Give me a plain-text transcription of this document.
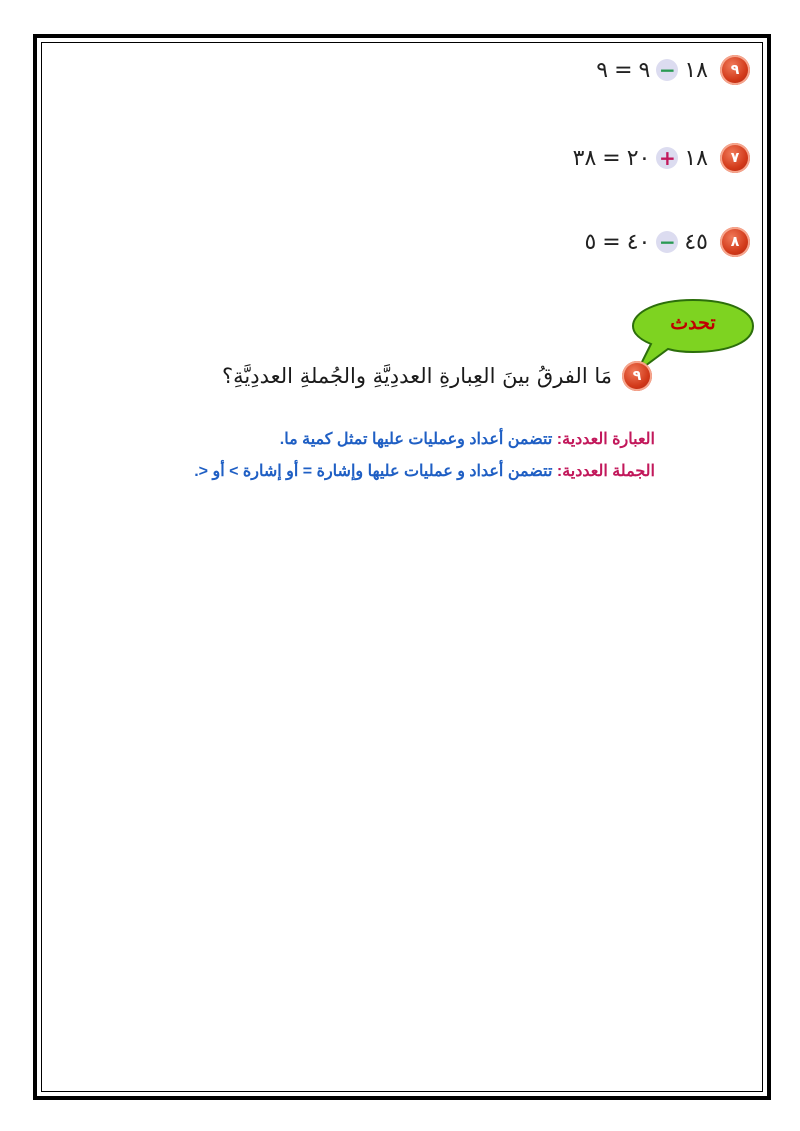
٩
٩ = ٩ − ١٨
٧
٣٨ = ٢٠ + ١٨
٨
٥ = ٤٠ − ٤٥
تحدث
٩
مَا الفرقُ بينَ العِبارةِ العددِيَّةِ والجُملةِ العددِيَّةِ؟
العبارة العددية: تتضمن أعداد وعمليات عليها تمثل كمية ما.
الجملة العددية: تتضمن أعداد و عمليات عليها وإشارة = أو إشارة > أو <.
